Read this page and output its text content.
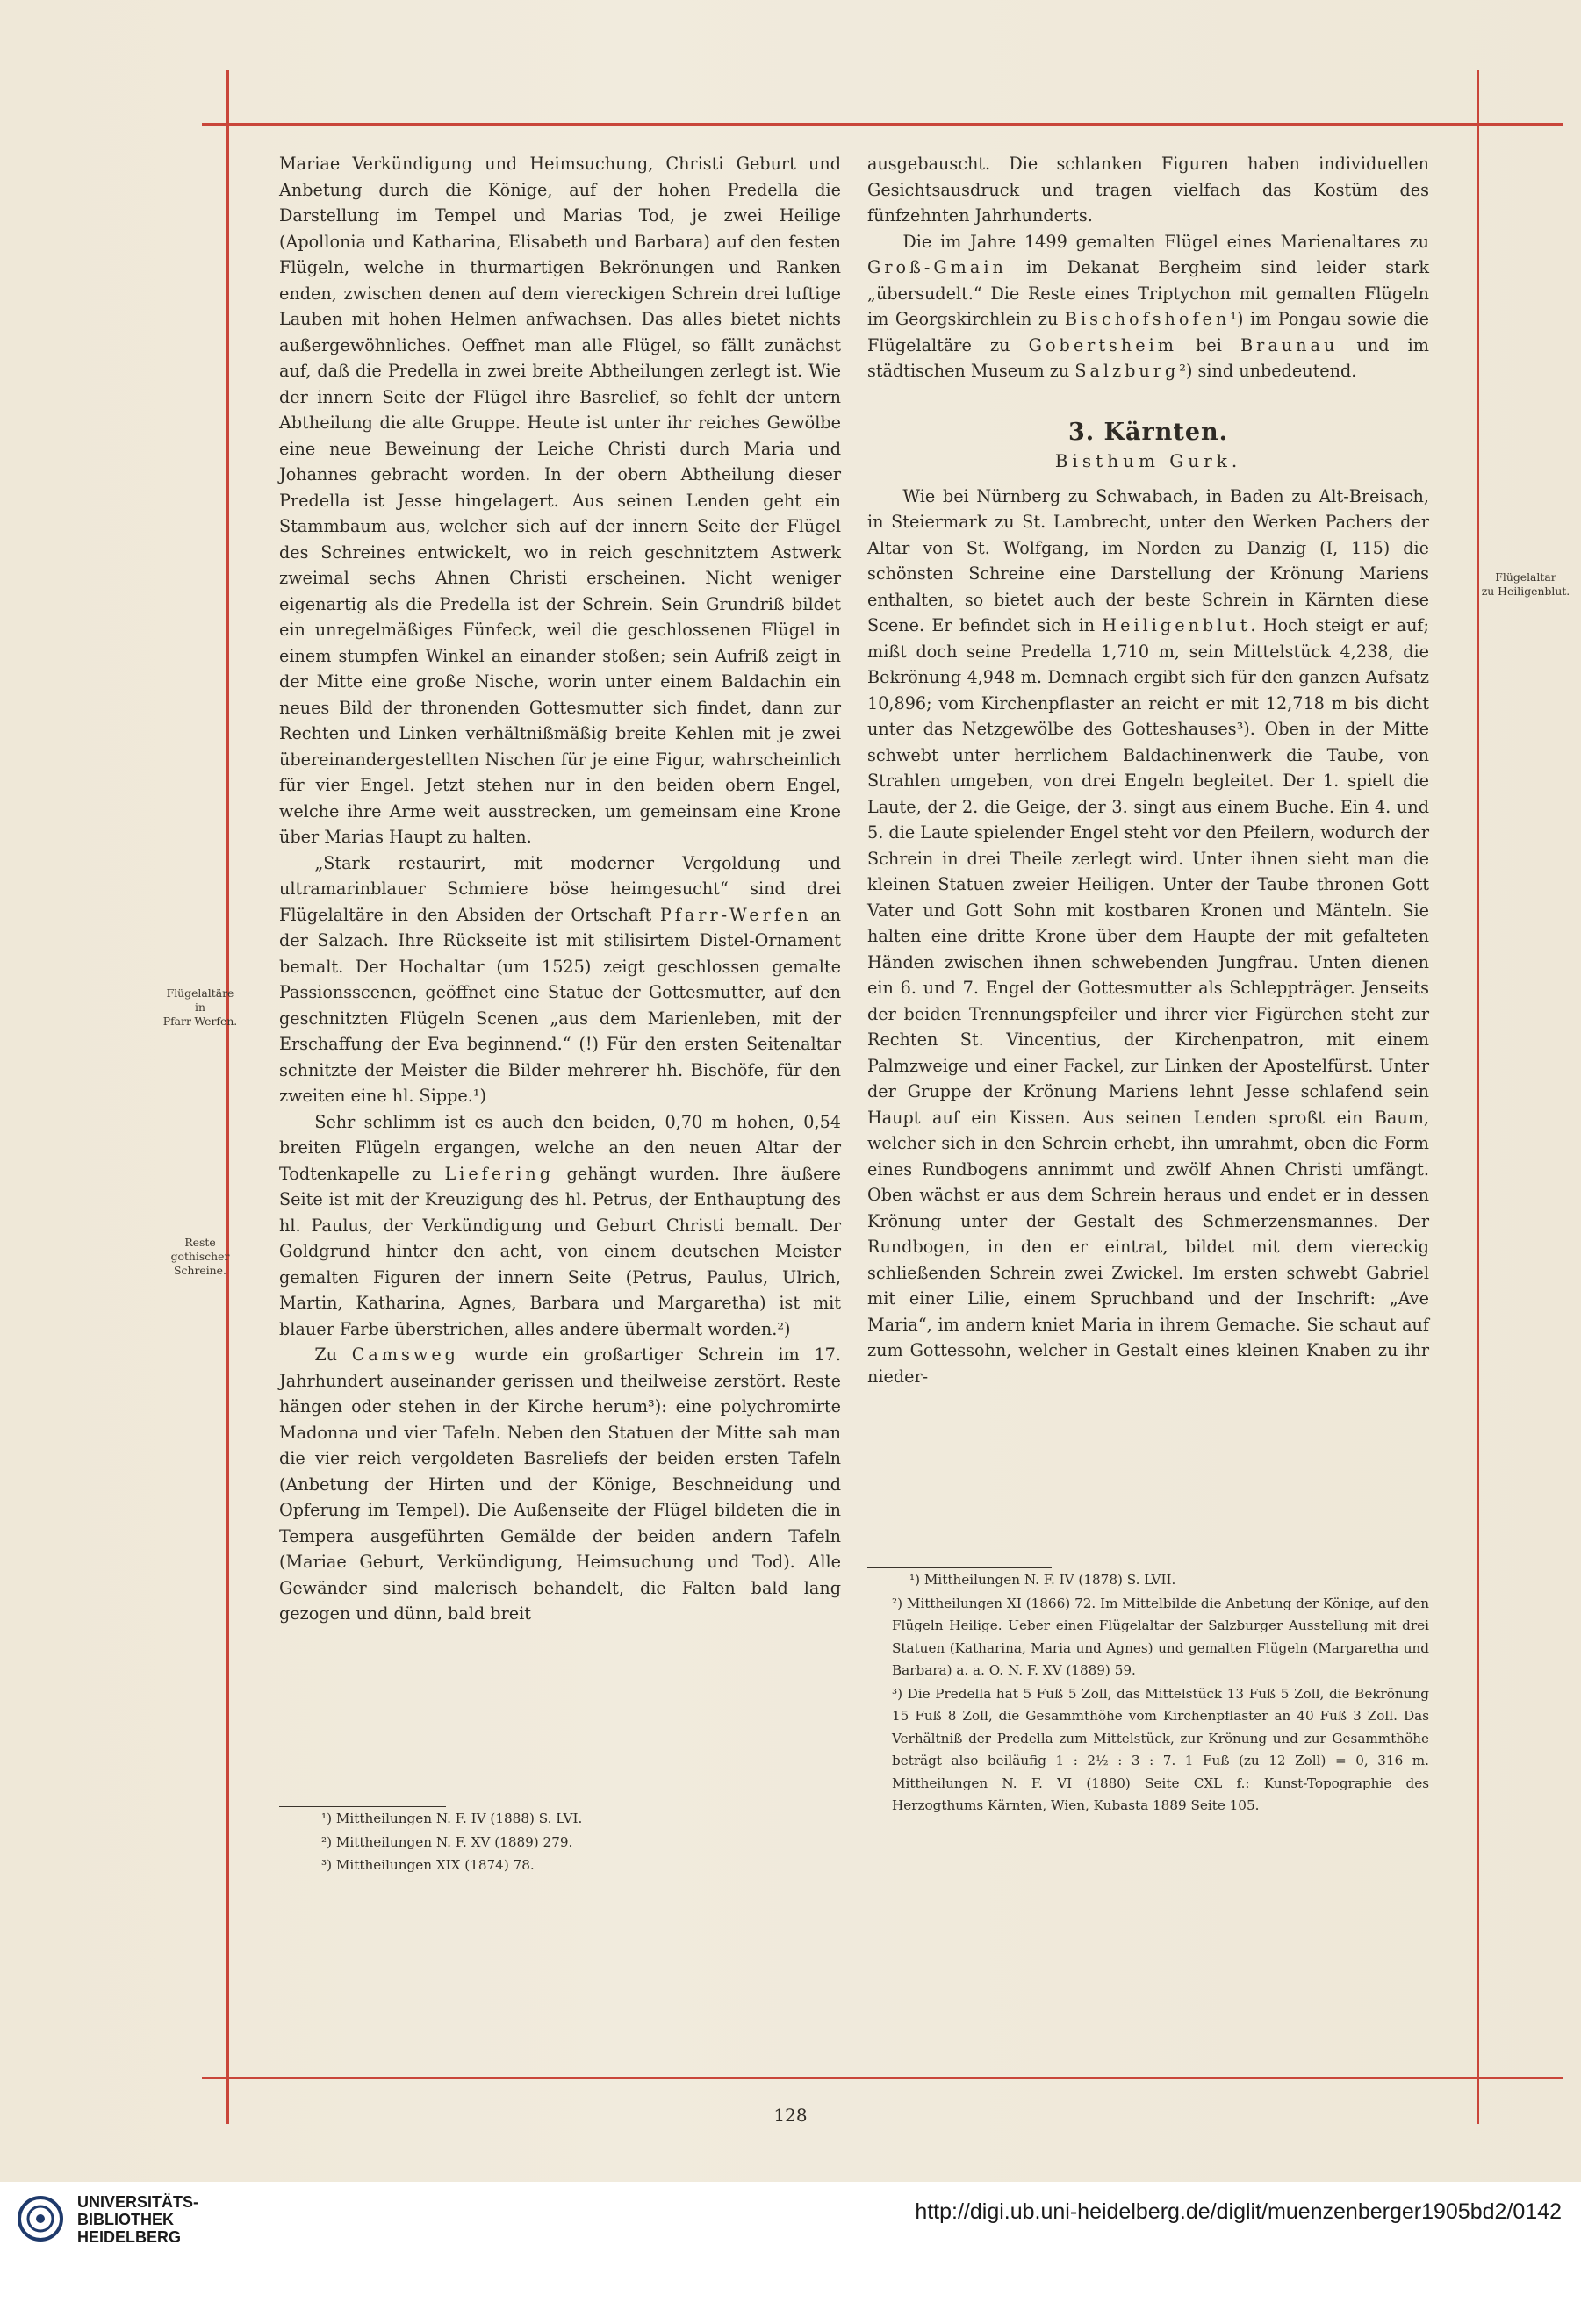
Flügelaltäre
in
Pfarr-Werfen.
Reste
gothischer
Schreine.
Flügelaltar
zu Heiligenblut.

Mariae Verkündigung und Heimsuchung, Christi Geburt und Anbetung durch die Könige, auf der hohen Predella die Darstellung im Tempel und Marias Tod, je zwei Heilige (Apollonia und Katharina, Elisabeth und Barbara) auf den festen Flügeln, welche in thurmartigen Bekrönungen und Ranken enden, zwischen denen auf dem viereckigen Schrein drei luftige Lauben mit hohen Helmen anfwachsen. Das alles bietet nichts außergewöhnliches. Oeffnet man alle Flügel, so fällt zunächst auf, daß die Predella in zwei breite Abtheilungen zerlegt ist. Wie der innern Seite der Flügel ihre Basrelief, so fehlt der untern Abtheilung die alte Gruppe. Heute ist unter ihr reiches Gewölbe eine neue Beweinung der Leiche Christi durch Maria und Johannes gebracht worden. In der obern Abtheilung dieser Predella ist Jesse hingelagert. Aus seinen Lenden geht ein Stammbaum aus, welcher sich auf der innern Seite der Flügel des Schreines entwickelt, wo in reich geschnitztem Astwerk zweimal sechs Ahnen Christi erscheinen. Nicht weniger eigenartig als die Predella ist der Schrein. Sein Grundriß bildet ein unregelmäßiges Fünfeck, weil die geschlossenen Flügel in einem stumpfen Winkel an einander stoßen; sein Aufriß zeigt in der Mitte eine große Nische, worin unter einem Baldachin ein neues Bild der thronenden Gottesmutter sich findet, dann zur Rechten und Linken verhältnißmäßig breite Kehlen mit je zwei übereinandergestellten Nischen für je eine Figur, wahrscheinlich für vier Engel. Jetzt stehen nur in den beiden obern Engel, welche ihre Arme weit ausstrecken, um gemeinsam eine Krone über Marias Haupt zu halten.

„Stark restaurirt, mit moderner Vergoldung und ultramarinblauer Schmiere böse heimgesucht“ sind drei Flügelaltäre in den Absiden der Ortschaft Pfarr-Werfen an der Salzach. Ihre Rückseite ist mit stilisirtem Distel-Ornament bemalt. Der Hochaltar (um 1525) zeigt geschlossen gemalte Passionsscenen, geöffnet eine Statue der Gottesmutter, auf den geschnitzten Flügeln Scenen „aus dem Marienleben, mit der Erschaffung der Eva beginnend.“ (!) Für den ersten Seitenaltar schnitzte der Meister die Bilder mehrerer hh. Bischöfe, für den zweiten eine hl. Sippe.¹)

Sehr schlimm ist es auch den beiden, 0,70 m hohen, 0,54 breiten Flügeln ergangen, welche an den neuen Altar der Todtenkapelle zu Liefering gehängt wurden. Ihre äußere Seite ist mit der Kreuzigung des hl. Petrus, der Enthauptung des hl. Paulus, der Verkündigung und Geburt Christi bemalt. Der Goldgrund hinter den acht, von einem deutschen Meister gemalten Figuren der innern Seite (Petrus, Paulus, Ulrich, Martin, Katharina, Agnes, Barbara und Margaretha) ist mit blauer Farbe überstrichen, alles andere übermalt worden.²)

Zu Camsweg wurde ein großartiger Schrein im 17. Jahrhundert auseinander gerissen und theilweise zerstört. Reste hängen oder stehen in der Kirche herum³): eine polychromirte Madonna und vier Tafeln. Neben den Statuen der Mitte sah man die vier reich vergoldeten Basreliefs der beiden ersten Tafeln (Anbetung der Hirten und der Könige, Beschneidung und Opferung im Tempel). Die Außenseite der Flügel bildeten die in Tempera ausgeführten Gemälde der beiden andern Tafeln (Mariae Geburt, Verkündigung, Heimsuchung und Tod). Alle Gewänder sind malerisch behandelt, die Falten bald lang gezogen und dünn, bald breit

¹) Mittheilungen N. F. IV (1888) S. LVI.

²) Mittheilungen N. F. XV (1889) 279.

³) Mittheilungen XIX (1874) 78.

ausgebauscht. Die schlanken Figuren haben individuellen Gesichtsausdruck und tragen vielfach das Kostüm des fünfzehnten Jahrhunderts.

Die im Jahre 1499 gemalten Flügel eines Marienaltares zu Groß-Gmain im Dekanat Bergheim sind leider stark „übersudelt.“ Die Reste eines Triptychon mit gemalten Flügeln im Georgskirchlein zu Bischofshofen¹) im Pongau sowie die Flügelaltäre zu Gobertsheim bei Braunau und im städtischen Museum zu Salzburg²) sind unbedeutend.

3. Kärnten.
Bisthum Gurk.

Wie bei Nürnberg zu Schwabach, in Baden zu Alt-Breisach, in Steiermark zu St. Lambrecht, unter den Werken Pachers der Altar von St. Wolfgang, im Norden zu Danzig (I, 115) die schönsten Schreine eine Darstellung der Krönung Mariens enthalten, so bietet auch der beste Schrein in Kärnten diese Scene. Er befindet sich in Heiligenblut. Hoch steigt er auf; mißt doch seine Predella 1,710 m, sein Mittelstück 4,238, die Bekrönung 4,948 m. Demnach ergibt sich für den ganzen Aufsatz 10,896; vom Kirchenpflaster an reicht er mit 12,718 m bis dicht unter das Netzgewölbe des Gotteshauses³). Oben in der Mitte schwebt unter herrlichem Baldachinenwerk die Taube, von Strahlen umgeben, von drei Engeln begleitet. Der 1. spielt die Laute, der 2. die Geige, der 3. singt aus einem Buche. Ein 4. und 5. die Laute spielender Engel steht vor den Pfeilern, wodurch der Schrein in drei Theile zerlegt wird. Unter ihnen sieht man die kleinen Statuen zweier Heiligen. Unter der Taube thronen Gott Vater und Gott Sohn mit kostbaren Kronen und Mänteln. Sie halten eine dritte Krone über dem Haupte der mit gefalteten Händen zwischen ihnen schwebenden Jungfrau. Unten dienen ein 6. und 7. Engel der Gottesmutter als Schleppträger. Jenseits der beiden Trennungspfeiler und ihrer vier Figürchen steht zur Rechten St. Vincentius, der Kirchenpatron, mit einem Palmzweige und einer Fackel, zur Linken der Apostelfürst. Unter der Gruppe der Krönung Mariens lehnt Jesse schlafend sein Haupt auf ein Kissen. Aus seinen Lenden sproßt ein Baum, welcher sich in den Schrein erhebt, ihn umrahmt, oben die Form eines Rundbogens annimmt und zwölf Ahnen Christi umfängt. Oben wächst er aus dem Schrein heraus und endet er in dessen Krönung unter der Gestalt des Schmerzensmannes. Der Rundbogen, in den er eintrat, bildet mit dem viereckig schließenden Schrein zwei Zwickel. Im ersten schwebt Gabriel mit einer Lilie, einem Spruchband und der Inschrift: „Ave Maria“, im andern kniet Maria in ihrem Gemache. Sie schaut auf zum Gottessohn, welcher in Gestalt eines kleinen Knaben zu ihr nieder-

¹) Mittheilungen N. F. IV (1878) S. LVII.

²) Mittheilungen XI (1866) 72. Im Mittelbilde die Anbetung der Könige, auf den Flügeln Heilige. Ueber einen Flügelaltar der Salzburger Ausstellung mit drei Statuen (Katharina, Maria und Agnes) und gemalten Flügeln (Margaretha und Barbara) a. a. O. N. F. XV (1889) 59.

³) Die Predella hat 5 Fuß 5 Zoll, das Mittelstück 13 Fuß 5 Zoll, die Bekrönung 15 Fuß 8 Zoll, die Gesammthöhe vom Kirchenpflaster an 40 Fuß 3 Zoll. Das Verhältniß der Predella zum Mittelstück, zur Krönung und zur Gesammthöhe beträgt also beiläufig 1 : 2½ : 3 : 7. 1 Fuß (zu 12 Zoll) = 0, 316 m. Mittheilungen N. F. VI (1880) Seite CXL f.: Kunst-Topographie des Herzogthums Kärnten, Wien, Kubasta 1889 Seite 105.

128
UNIVERSITÄTS-
BIBLIOTHEK
HEIDELBERG
http://digi.ub.uni-heidelberg.de/diglit/muenzenberger1905bd2/0142
